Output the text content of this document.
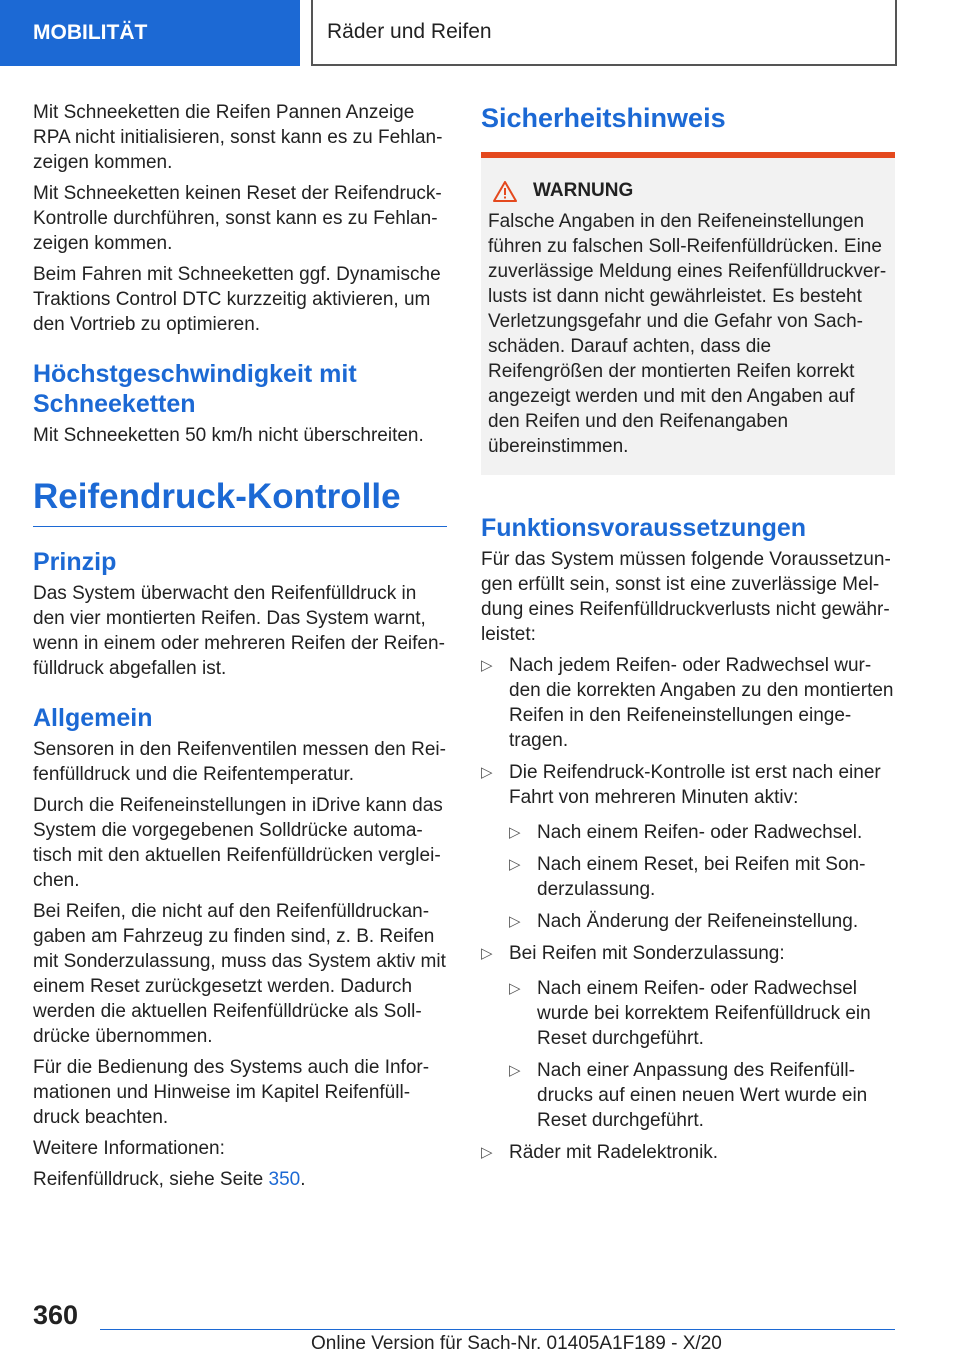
MOBILITÄT	Räder und Reifen

Mit Schneeketten die Reifen Pannen Anzeige RPA nicht initialisieren, sonst kann es zu Fehlanzeigen kommen.

Mit Schneeketten keinen Reset der Reifendruck-Kontrolle durchführen, sonst kann es zu Fehlanzeigen kommen.

Beim Fahren mit Schneeketten ggf. Dynamische Traktions Control DTC kurzzeitig aktivieren, um den Vortrieb zu optimieren.

Höchstgeschwindigkeit mit Schneeketten

Mit Schneeketten 50 km/h nicht überschreiten.

Reifendruck-Kontrolle
Prinzip

Das System überwacht den Reifenfülldruck in den vier montierten Reifen. Das System warnt, wenn in einem oder mehreren Reifen der Reifenfülldruck abgefallen ist.

Allgemein

Sensoren in den Reifenventilen messen den Reifenfülldruck und die Reifentemperatur.

Durch die Reifeneinstellungen in iDrive kann das System die vorgegebenen Solldrücke automatisch mit den aktuellen Reifenfülldrücken vergleichen.

Bei Reifen, die nicht auf den Reifenfülldruckangaben am Fahrzeug zu finden sind, z. B. Reifen mit Sonderzulassung, muss das System aktiv mit einem Reset zurückgesetzt werden. Dadurch werden die aktuellen Reifenfülldrücke als Solldrücke übernommen.

Für die Bedienung des Systems auch die Informationen und Hinweise im Kapitel Reifenfülldruck beachten.

Weitere Informationen:

Reifenfülldruck, siehe Seite 350.

Sicherheitshinweis
WARNUNG

Falsche Angaben in den Reifeneinstellungen führen zu falschen Soll-Reifenfülldrücken. Eine zuverlässige Meldung eines Reifenfülldruckverlusts ist dann nicht gewährleistet. Es besteht Verletzungsgefahr und die Gefahr von Sachschäden. Darauf achten, dass die Reifengrößen der montierten Reifen korrekt angezeigt werden und mit den Angaben auf den Reifen und den Reifenangaben übereinstimmen.

Funktionsvoraussetzungen

Für das System müssen folgende Voraussetzungen erfüllt sein, sonst ist eine zuverlässige Meldung eines Reifenfülldruckverlusts nicht gewährleistet:

▷ Nach jedem Reifen- oder Radwechsel wurden die korrekten Angaben zu den montierten Reifen in den Reifeneinstellungen eingetragen.
▷ Die Reifendruck-Kontrolle ist erst nach einer Fahrt von mehreren Minuten aktiv:
▷ Nach einem Reifen- oder Radwechsel.
▷ Nach einem Reset, bei Reifen mit Sonderzulassung.
▷ Nach Änderung der Reifeneinstellung.
▷ Bei Reifen mit Sonderzulassung:
▷ Nach einem Reifen- oder Radwechsel wurde bei korrektem Reifenfülldruck ein Reset durchgeführt.
▷ Nach einer Anpassung des Reifenfülldrucks auf einen neuen Wert wurde ein Reset durchgeführt.
▷ Räder mit Radelektronik.
360
Online Version für Sach-Nr. 01405A1F189 - X/20
